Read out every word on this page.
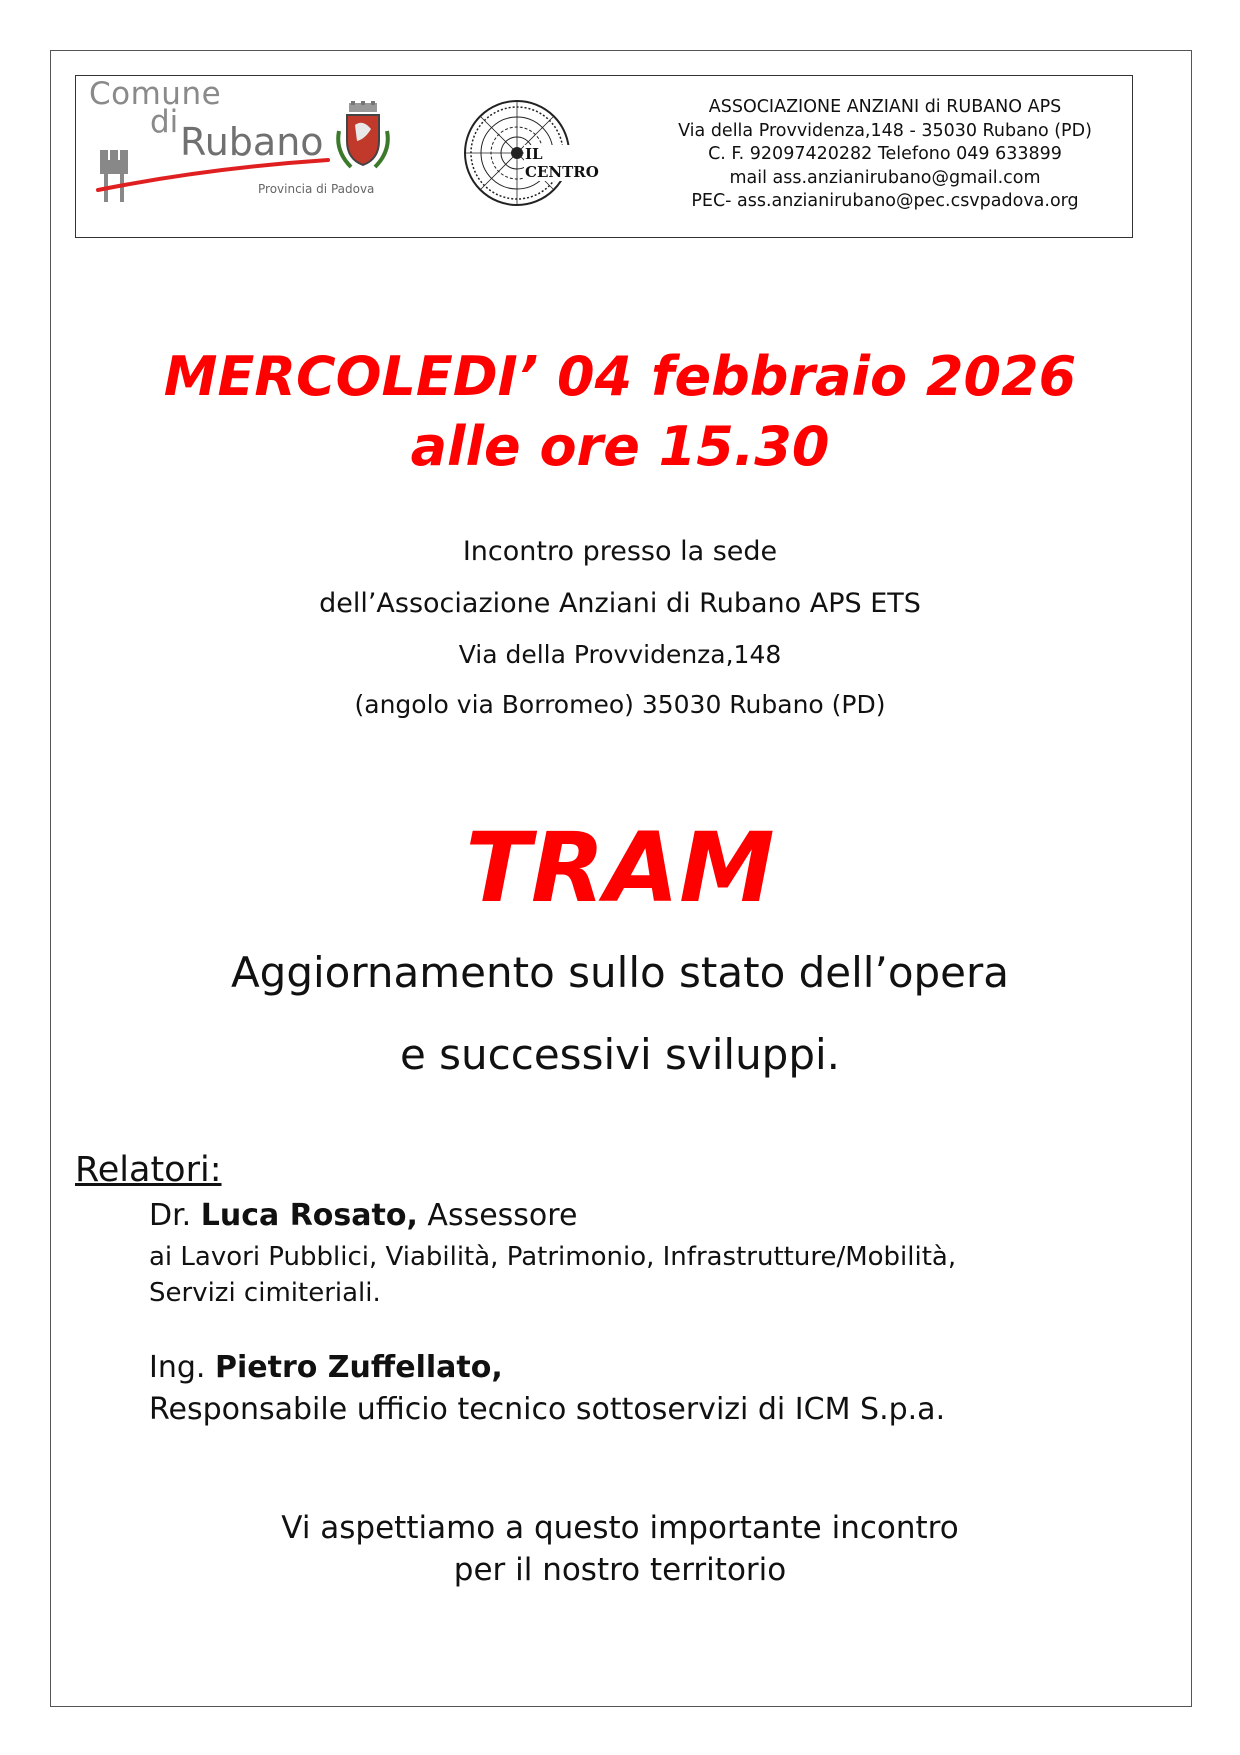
Comune
di Rubano
Provincia di Padova
IL CENTRO
ASSOCIAZIONE ANZIANI di RUBANO APS
Via della Provvidenza,148 - 35030 Rubano (PD)
C. F. 92097420282 Telefono 049 633899
mail ass.anzianirubano@gmail.com
PEC- ass.anzianirubano@pec.csvpadova.org
MERCOLEDI’ 04 febbraio 2026
alle ore 15.30
Incontro presso la sede
dell’Associazione Anziani di Rubano APS ETS
Via della Provvidenza,148
(angolo via Borromeo) 35030 Rubano (PD)
TRAM
Aggiornamento sullo stato dell’opera
e successivi sviluppi.
Relatori:
Dr. Luca Rosato, Assessore
ai Lavori Pubblici, Viabilità, Patrimonio, Infrastrutture/Mobilità,
Servizi cimiteriali.
Ing. Pietro Zuffellato,
Responsabile ufficio tecnico sottoservizi di ICM S.p.a.
Vi aspettiamo a questo importante incontro
per il nostro territorio
